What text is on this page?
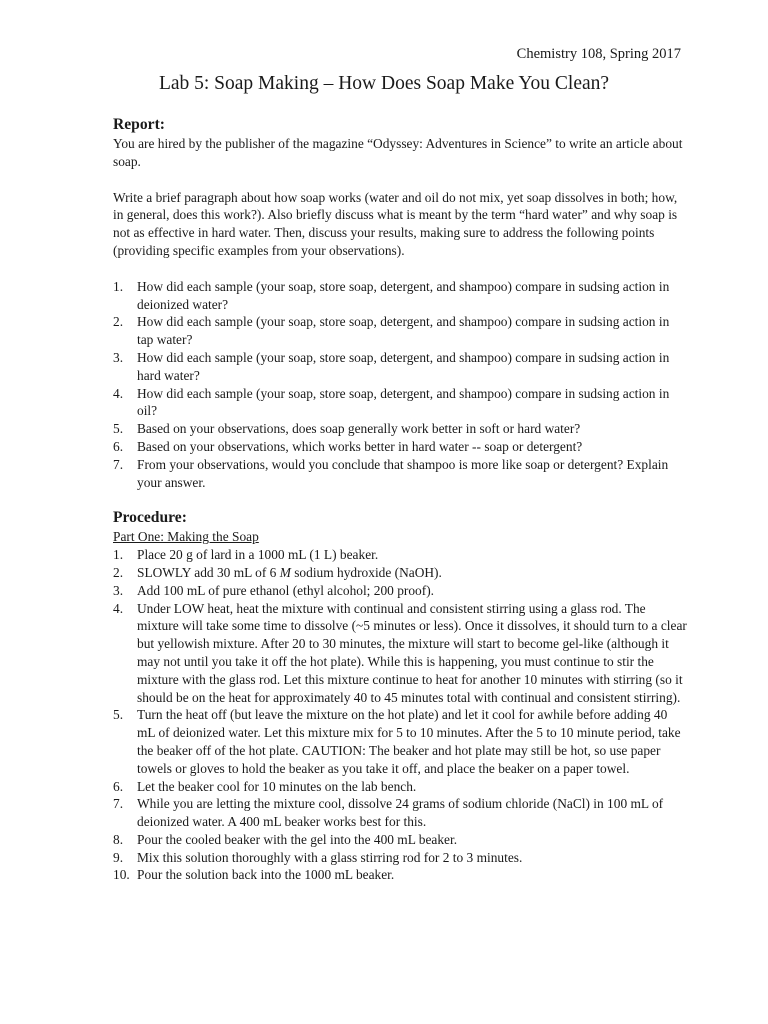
Chemistry 108, Spring 2017
Lab 5: Soap Making – How Does Soap Make You Clean?

Report:

You are hired by the publisher of the magazine “Odyssey: Adventures in Science” to write an article about soap.

Write a brief paragraph about how soap works (water and oil do not mix, yet soap dissolves in both; how, in general, does this work?). Also briefly discuss what is meant by the term “hard water” and why soap is not as effective in hard water. Then, discuss your results, making sure to address the following points (providing specific examples from your observations).

1.	How did each sample (your soap, store soap, detergent, and shampoo) compare in sudsing action in deionized water?
2.	How did each sample (your soap, store soap, detergent, and shampoo) compare in sudsing action in tap water?
3.	How did each sample (your soap, store soap, detergent, and shampoo) compare in sudsing action in hard water?
4.	How did each sample (your soap, store soap, detergent, and shampoo) compare in sudsing action in oil?
5.	Based on your observations, does soap generally work better in soft or hard water?
6.	Based on your observations, which works better in hard water -- soap or detergent?
7.	From your observations, would you conclude that shampoo is more like soap or detergent? Explain your answer.

Procedure:

Part One: Making the Soap

1.	Place 20 g of lard in a 1000 mL (1 L) beaker.
2.	SLOWLY add 30 mL of 6 M sodium hydroxide (NaOH).
3.	Add 100 mL of pure ethanol (ethyl alcohol; 200 proof).
4.	Under LOW heat, heat the mixture with continual and consistent stirring using a glass rod. The mixture will take some time to dissolve (~5 minutes or less). Once it dissolves, it should turn to a clear but yellowish mixture. After 20 to 30 minutes, the mixture will start to become gel-like (although it may not until you take it off the hot plate). While this is happening, you must continue to stir the mixture with the glass rod. Let this mixture continue to heat for another 10 minutes with stirring (so it should be on the heat for approximately 40 to 45 minutes total with continual and consistent stirring).
5.	Turn the heat off (but leave the mixture on the hot plate) and let it cool for awhile before adding 40 mL of deionized water. Let this mixture mix for 5 to 10 minutes. After the 5 to 10 minute period, take the beaker off of the hot plate. CAUTION: The beaker and hot plate may still be hot, so use paper towels or gloves to hold the beaker as you take it off, and place the beaker on a paper towel.
6.	Let the beaker cool for 10 minutes on the lab bench.
7.	While you are letting the mixture cool, dissolve 24 grams of sodium chloride (NaCl) in 100 mL of deionized water. A 400 mL beaker works best for this.
8.	Pour the cooled beaker with the gel into the 400 mL beaker.
9.	Mix this solution thoroughly with a glass stirring rod for 2 to 3 minutes.
10. Pour the solution back into the 1000 mL beaker.
